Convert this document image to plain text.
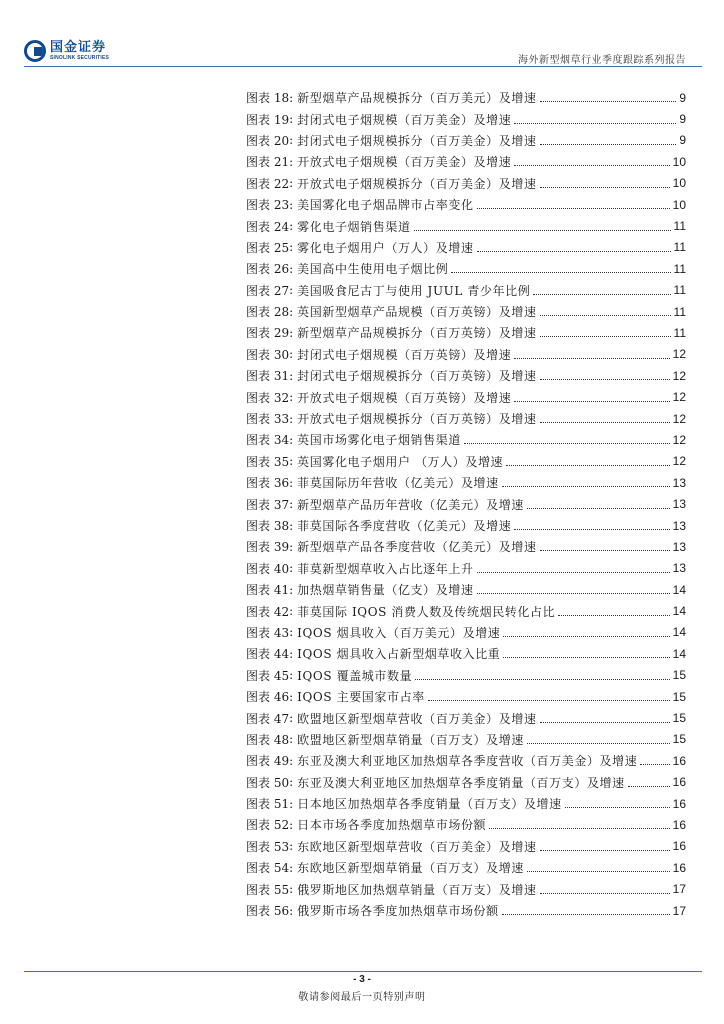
国金证券
SINOLINK SECURITIES	海外新型烟草行业季度跟踪系列报告
图表 18 : 新型烟草产品规模拆分（百万美元）及增速	9
图表 19 : 封闭式电子烟规模（百万美金）及增速	9
图表 20 : 封闭式电子烟规模拆分（百万美金）及增速	9
图表 21 : 开放式电子烟规模（百万美金）及增速	10
图表 22 : 开放式电子烟规模拆分（百万美金）及增速	10
图表 23 : 美国雾化电子烟品牌市占率变化	10
图表 24 : 雾化电子烟销售渠道	11
图表 25 : 雾化电子烟用户（万人）及增速	11
图表 26 : 美国高中生使用电子烟比例	11
图表 27 : 美国吸食尼古丁与使用 JUUL 青少年比例	11
图表 28 : 英国新型烟草产品规模（百万英镑）及增速	11
图表 29 : 新型烟草产品规模拆分（百万英镑）及增速	11
图表 30 : 封闭式电子烟规模（百万英镑）及增速	12
图表 31 : 封闭式电子烟规模拆分（百万英镑）及增速	12
图表 32 : 开放式电子烟规模（百万英镑）及增速	12
图表 33 : 开放式电子烟规模拆分（百万英镑）及增速	12
图表 34 : 英国市场雾化电子烟销售渠道	12
图表 35 : 英国雾化电子烟用户 （万人）及增速	12
图表 36 : 菲莫国际历年营收（亿美元）及增速	13
图表 37 : 新型烟草产品历年营收（亿美元）及增速	13
图表 38 : 菲莫国际各季度营收（亿美元）及增速	13
图表 39 : 新型烟草产品各季度营收（亿美元）及增速	13
图表 40 : 菲莫新型烟草收入占比逐年上升	13
图表 41 : 加热烟草销售量（亿支）及增速	14
图表 42 : 菲莫国际 IQOS 消费人数及传统烟民转化占比	14
图表 43 : IQOS 烟具收入（百万美元）及增速	14
图表 44 : IQOS 烟具收入占新型烟草收入比重	14
图表 45 : IQOS 覆盖城市数量	15
图表 46 : IQOS 主要国家市占率	15
图表 47 : 欧盟地区新型烟草营收（百万美金）及增速	15
图表 48 : 欧盟地区新型烟草销量（百万支）及增速	15
图表 49 : 东亚及澳大利亚地区加热烟草各季度营收（百万美金）及增速	16
图表 50 : 东亚及澳大利亚地区加热烟草各季度销量（百万支）及增速	16
图表 51 : 日本地区加热烟草各季度销量（百万支）及增速	16
图表 52 : 日本市场各季度加热烟草市场份额	16
图表 53 : 东欧地区新型烟草营收（百万美金）及增速	16
图表 54 : 东欧地区新型烟草销量（百万支）及增速	16
图表 55 : 俄罗斯地区加热烟草销量（百万支）及增速	17
图表 56 : 俄罗斯市场各季度加热烟草市场份额	17
- 3 -
敬请参阅最后一页特别声明
